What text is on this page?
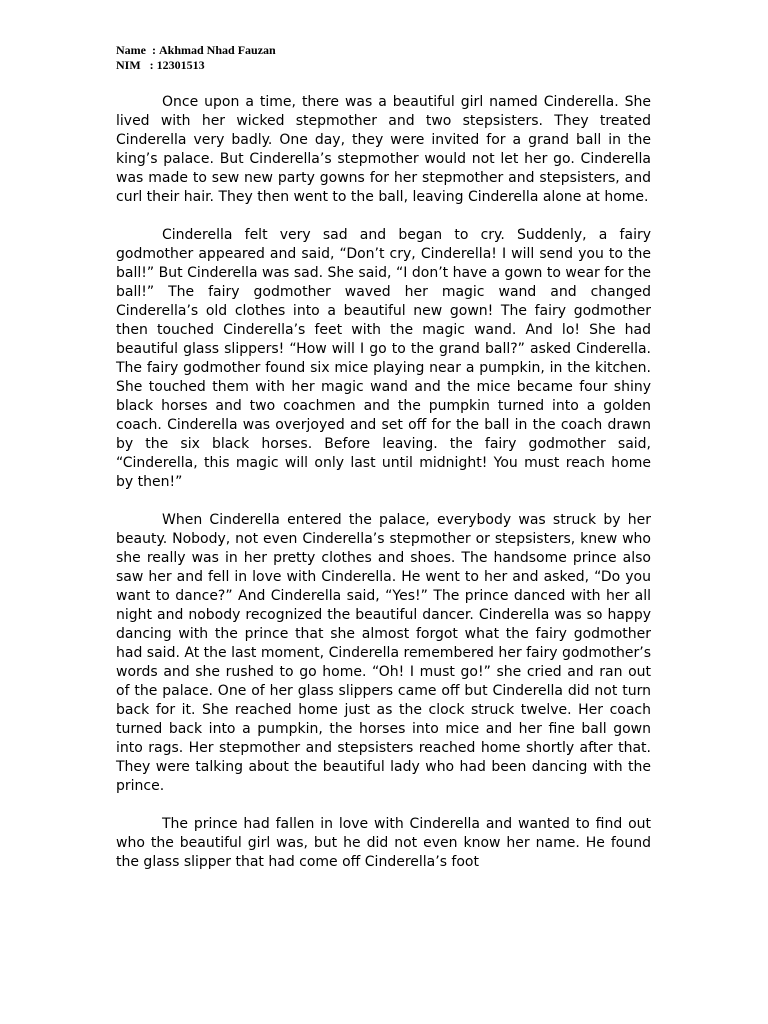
Name : Akhmad Nhad Fauzan
NIM : 12301513

Once upon a time, there was a beautiful girl named Cinderella. She lived with her wicked stepmother and two stepsisters. They treated Cinderella very badly. One day, they were invited for a grand ball in the king’s palace. But Cinderella’s stepmother would not let her go. Cinderella was made to sew new party gowns for her stepmother and stepsisters, and curl their hair. They then went to the ball, leaving Cinderella alone at home.

Cinderella felt very sad and began to cry. Suddenly, a fairy godmother appeared and said, “Don’t cry, Cinderella! I will send you to the ball!” But Cinderella was sad. She said, “I don’t have a gown to wear for the ball!” The fairy godmother waved her magic wand and changed Cinderella’s old clothes into a beautiful new gown! The fairy godmother then touched Cinderella’s feet with the magic wand. And lo! She had beautiful glass slippers! “How will I go to the grand ball?” asked Cinderella. The fairy godmother found six mice playing near a pumpkin, in the kitchen. She touched them with her magic wand and the mice became four shiny black horses and two coachmen and the pumpkin turned into a golden coach. Cinderella was overjoyed and set off for the ball in the coach drawn by the six black horses. Before leaving. the fairy godmother said, “Cinderella, this magic will only last until midnight! You must reach home by then!”

When Cinderella entered the palace, everybody was struck by her beauty. Nobody, not even Cinderella’s stepmother or stepsisters, knew who she really was in her pretty clothes and shoes. The handsome prince also saw her and fell in love with Cinderella. He went to her and asked, “Do you want to dance?” And Cinderella said, “Yes!” The prince danced with her all night and nobody recognized the beautiful dancer. Cinderella was so happy dancing with the prince that she almost forgot what the fairy godmother had said. At the last moment, Cinderella remembered her fairy godmother’s words and she rushed to go home. “Oh! I must go!” she cried and ran out of the palace. One of her glass slippers came off but Cinderella did not turn back for it. She reached home just as the clock struck twelve. Her coach turned back into a pumpkin, the horses into mice and her fine ball gown into rags. Her stepmother and stepsisters reached home shortly after that. They were talking about the beautiful lady who had been dancing with the prince.

The prince had fallen in love with Cinderella and wanted to find out who the beautiful girl was, but he did not even know her name. He found the glass slipper that had come off Cinderella’s foot
